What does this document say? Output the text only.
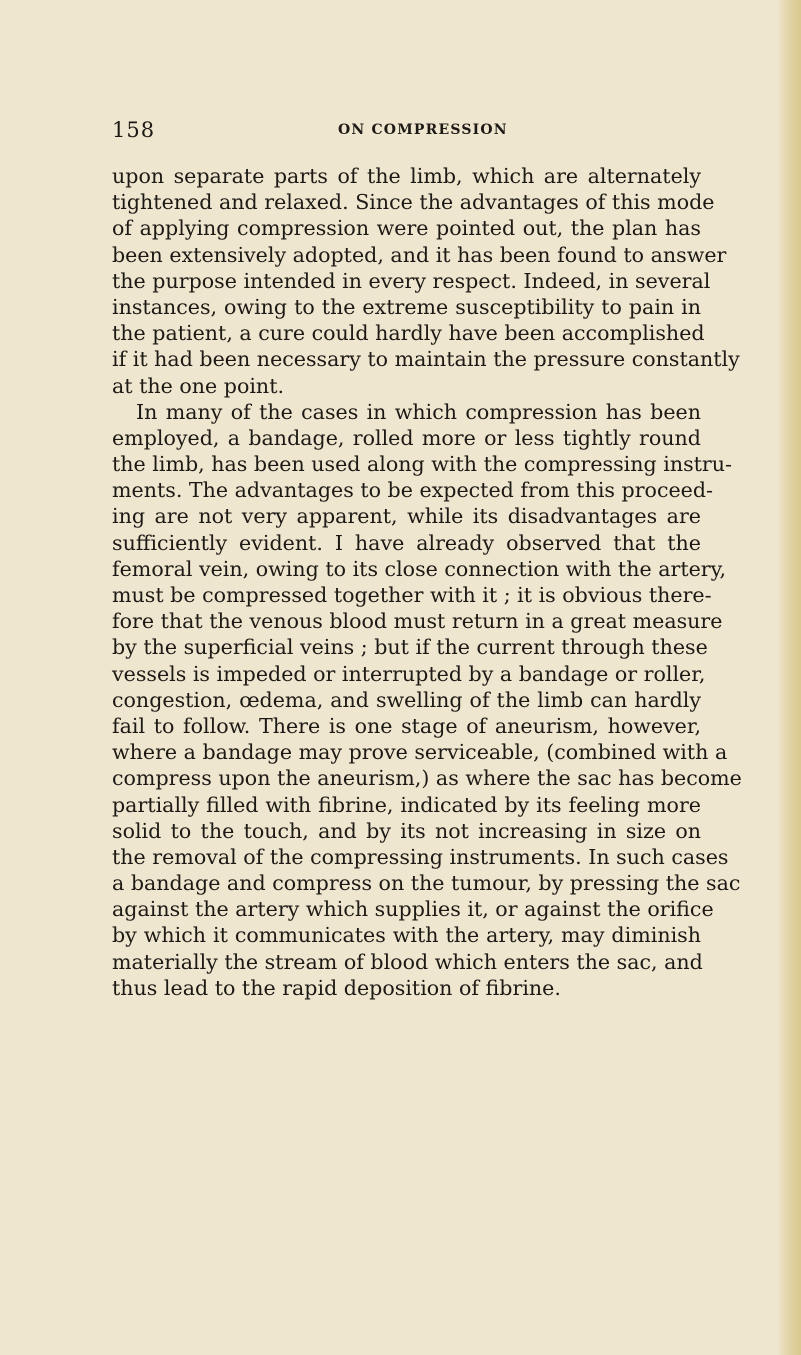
158	ON COMPRESSION
upon separate parts of the limb, which are alternately
tightened and relaxed. Since the advantages of this mode
of applying compression were pointed out, the plan has
been extensively adopted, and it has been found to answer
the purpose intended in every respect. Indeed, in several
instances, owing to the extreme susceptibility to pain in
the patient, a cure could hardly have been accomplished
if it had been necessary to maintain the pressure constantly
at the one point.
In many of the cases in which compression has been
employed, a bandage, rolled more or less tightly round
the limb, has been used along with the compressing instru-
ments. The advantages to be expected from this proceed-
ing are not very apparent, while its disadvantages are
sufficiently evident. I have already observed that the
femoral vein, owing to its close connection with the artery,
must be compressed together with it ; it is obvious there-
fore that the venous blood must return in a great measure
by the superficial veins ; but if the current through these
vessels is impeded or interrupted by a bandage or roller,
congestion, œdema, and swelling of the limb can hardly
fail to follow. There is one stage of aneurism, however,
where a bandage may prove serviceable, (combined with a
compress upon the aneurism,) as where the sac has become
partially filled with fibrine, indicated by its feeling more
solid to the touch, and by its not increasing in size on
the removal of the compressing instruments. In such cases
a bandage and compress on the tumour, by pressing the sac
against the artery which supplies it, or against the orifice
by which it communicates with the artery, may diminish
materially the stream of blood which enters the sac, and
thus lead to the rapid deposition of fibrine.
